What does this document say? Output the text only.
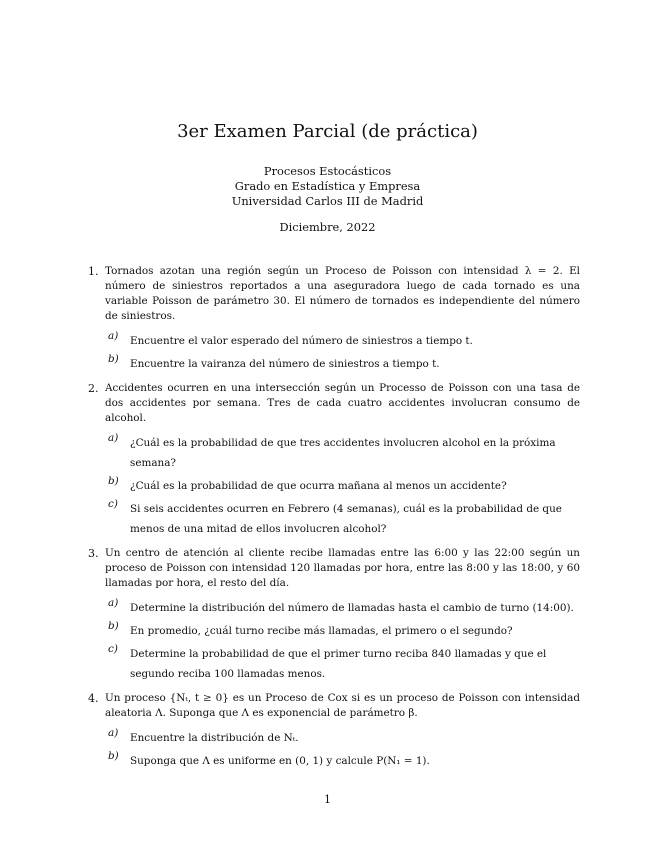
3er Examen Parcial (de práctica)
Procesos Estocásticos
Grado en Estadística y Empresa
Universidad Carlos III de Madrid
Diciembre, 2022
1. Tornados azotan una región según un Proceso de Poisson con intensidad λ = 2. El número de siniestros reportados a una aseguradora luego de cada tornado es una variable Poisson de parámetro 30. El número de tornados es independiente del número de siniestros.

a) Encuentre el valor esperado del número de siniestros a tiempo t.
b) Encuentre la vairanza del número de siniestros a tiempo t.
2. Accidentes ocurren en una intersección según un Processo de Poisson con una tasa de dos accidentes por semana. Tres de cada cuatro accidentes involucran consumo de alcohol.

a) ¿Cuál es la probabilidad de que tres accidentes involucren alcohol en la próxima semana?
b) ¿Cuál es la probabilidad de que ocurra mañana al menos un accidente?
c) Si seis accidentes ocurren en Febrero (4 semanas), cuál es la probabilidad de que menos de una mitad de ellos involucren alcohol?
3. Un centro de atención al cliente recibe llamadas entre las 6:00 y las 22:00 según un proceso de Poisson con intensidad 120 llamadas por hora, entre las 8:00 y las 18:00, y 60 llamadas por hora, el resto del día.

a) Determine la distribución del número de llamadas hasta el cambio de turno (14:00).
b) En promedio, ¿cuál turno recibe más llamadas, el primero o el segundo?
c) Determine la probabilidad de que el primer turno reciba 840 llamadas y que el segundo reciba 100 llamadas menos.
4. Un proceso {Nₜ, t ≥ 0} es un Proceso de Cox si es un proceso de Poisson con intensidad aleatoria Λ. Suponga que Λ es exponencial de parámetro β.

a) Encuentre la distribución de Nₜ.
b) Suponga que Λ es uniforme en (0, 1) y calcule P(N₁ = 1).
1
